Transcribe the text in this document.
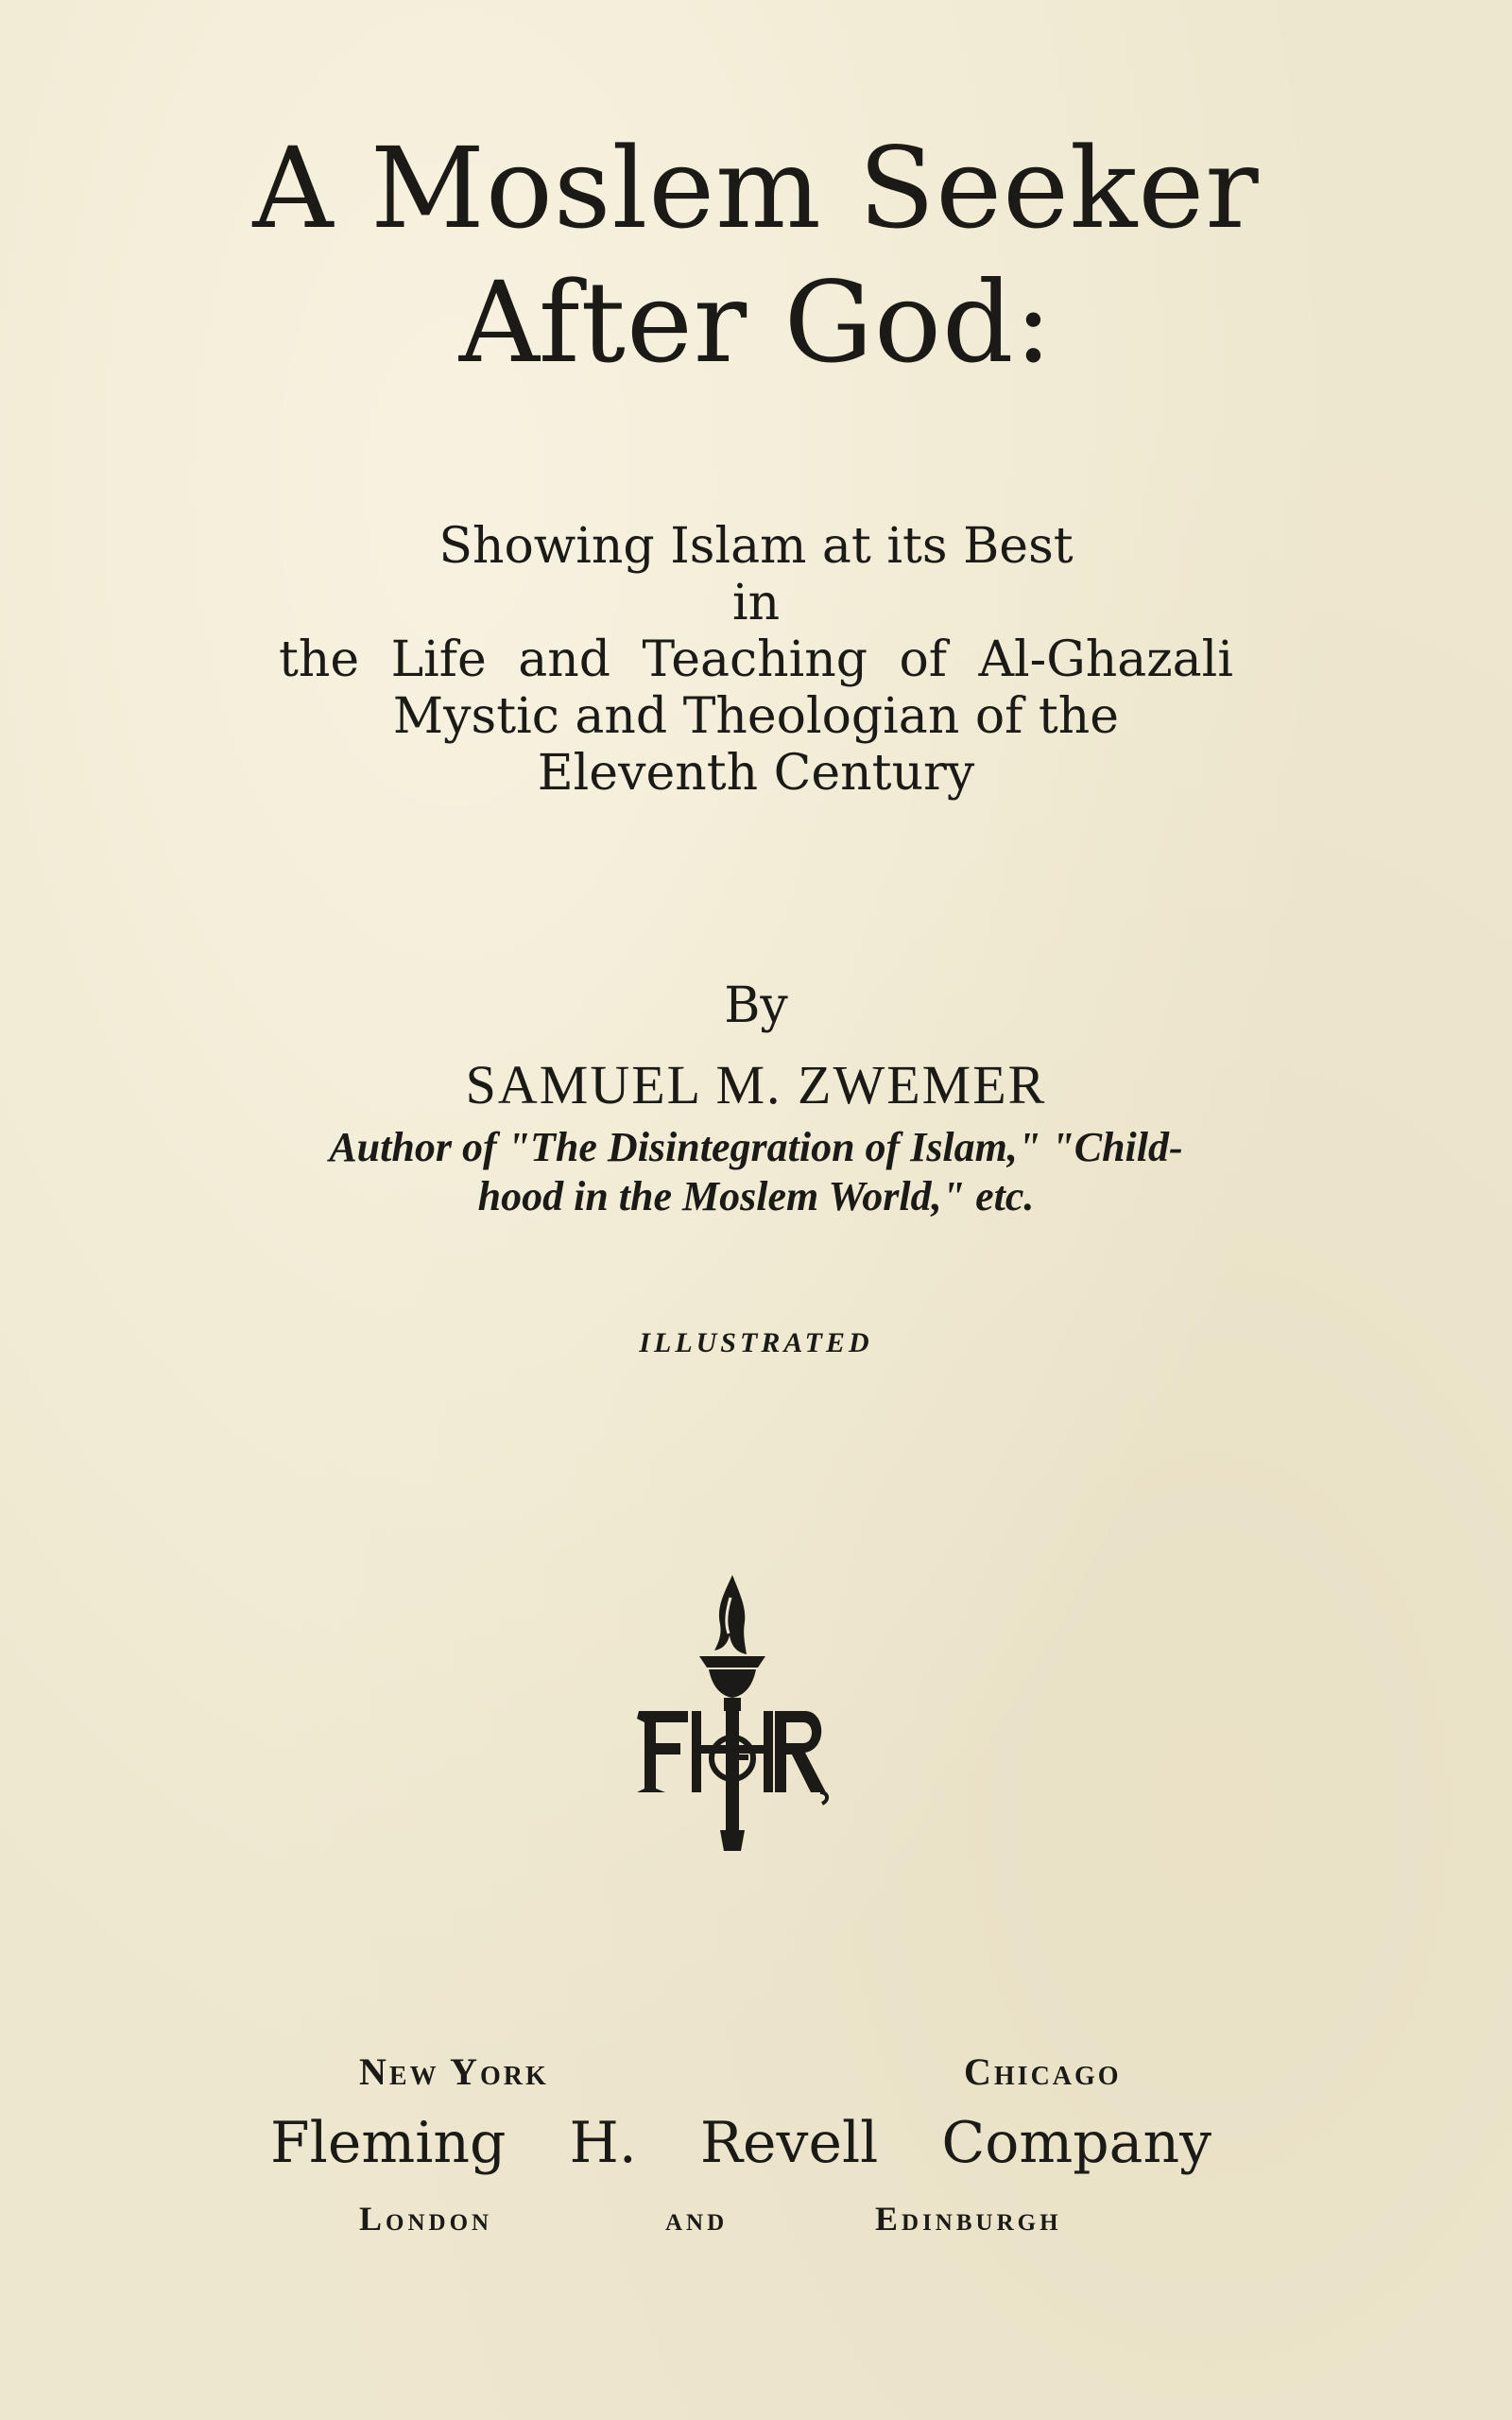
A Moslem Seeker
After God:
Showing Islam at its Best
in
the Life and Teaching of Al-Ghazali
Mystic and Theologian of the
Eleventh Century
By
SAMUEL M. ZWEMER
Author of "The Disintegration of Islam," "Child-
hood in the Moslem World," etc.
ILLUSTRATED
New York	Chicago
Fleming H. Revell Company
London	and	Edinburgh
